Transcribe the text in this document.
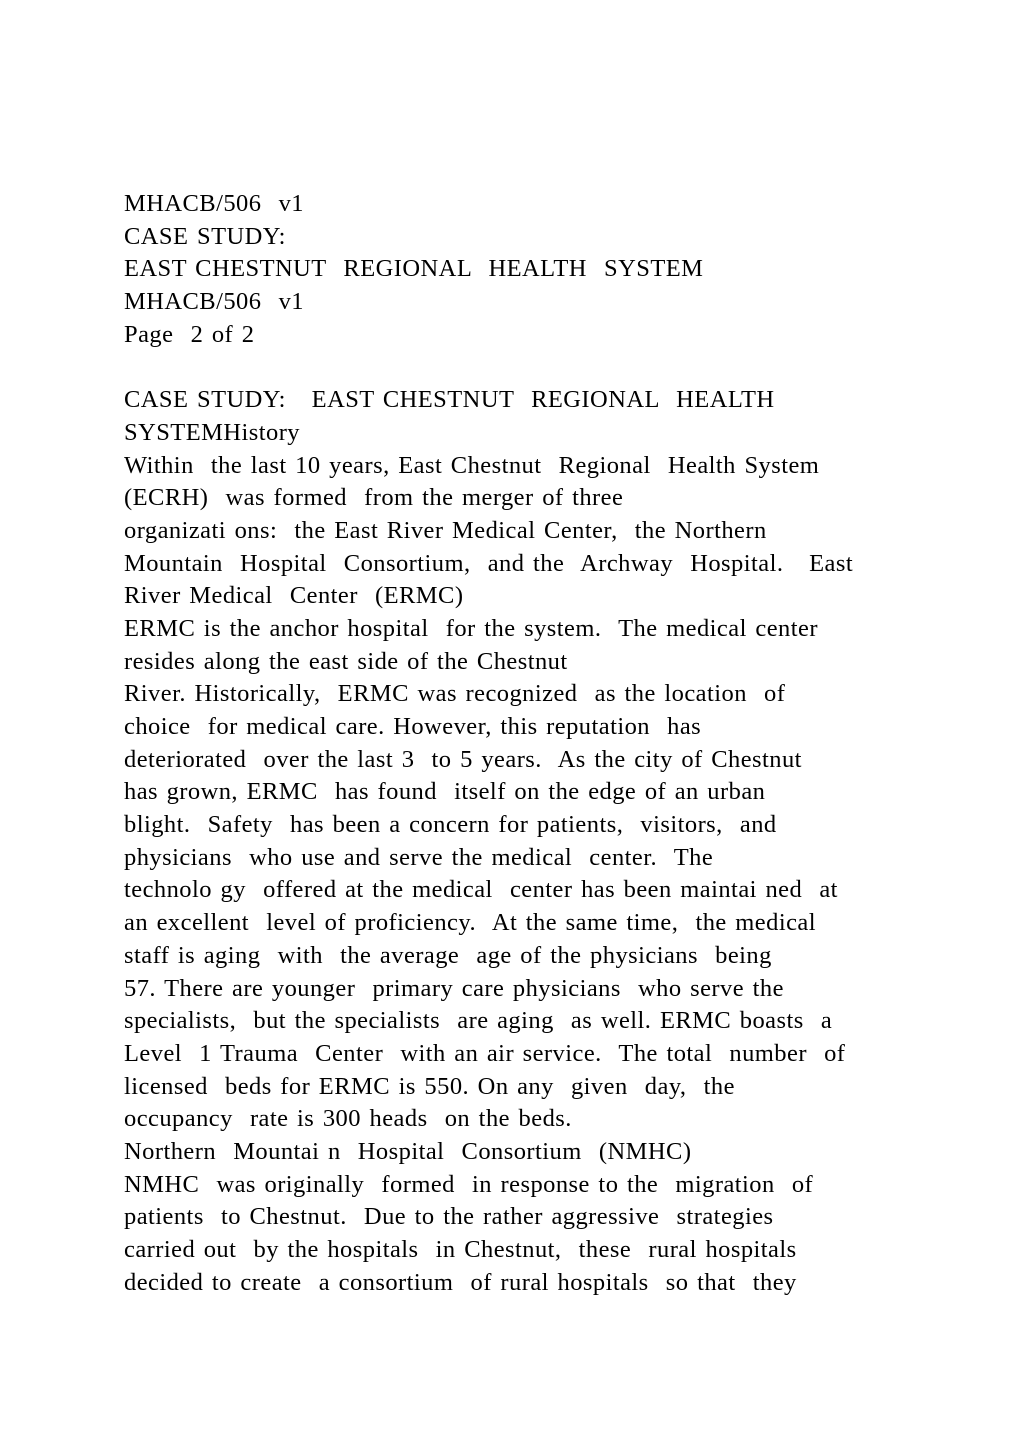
MHACB/506  v1
CASE STUDY:
EAST CHESTNUT  REGIONAL  HEALTH  SYSTEM
MHACB/506  v1
Page  2 of 2
CASE STUDY:   EAST CHESTNUT  REGIONAL  HEALTH
SYSTEMHistory
Within  the last 10 years, East Chestnut  Regional  Health System
(ECRH)  was formed  from the merger of three
organizati ons:  the East River Medical Center,  the Northern
Mountain  Hospital  Consortium,  and the  Archway  Hospital.   East
River Medical  Center  (ERMC)
ERMC is the anchor hospital  for the system.  The medical center
resides along the east side of the Chestnut
River. Historically,  ERMC was recognized  as the location  of
choice  for medical care. However, this reputation  has
deteriorated  over the last 3  to 5 years.  As the city of Chestnut
has grown, ERMC  has found  itself on the edge of an urban
blight.  Safety  has been a concern for patients,  visitors,  and
physicians  who use and serve the medical  center.  The
technolo gy  offered at the medical  center has been maintai ned  at
an excellent  level of proficiency.  At the same time,  the medical
staff is aging  with  the average  age of the physicians  being
57. There are younger  primary care physicians  who serve the
specialists,  but the specialists  are aging  as well. ERMC boasts  a
Level  1 Trauma  Center  with an air service.  The total  number  of
licensed  beds for ERMC is 550. On any  given  day,  the
occupancy  rate is 300 heads  on the beds.
Northern  Mountai n  Hospital  Consortium  (NMHC)
NMHC  was originally  formed  in response to the  migration  of
patients  to Chestnut.  Due to the rather aggressive  strategies
carried out  by the hospitals  in Chestnut,  these  rural hospitals
decided to create  a consortium  of rural hospitals  so that  they
